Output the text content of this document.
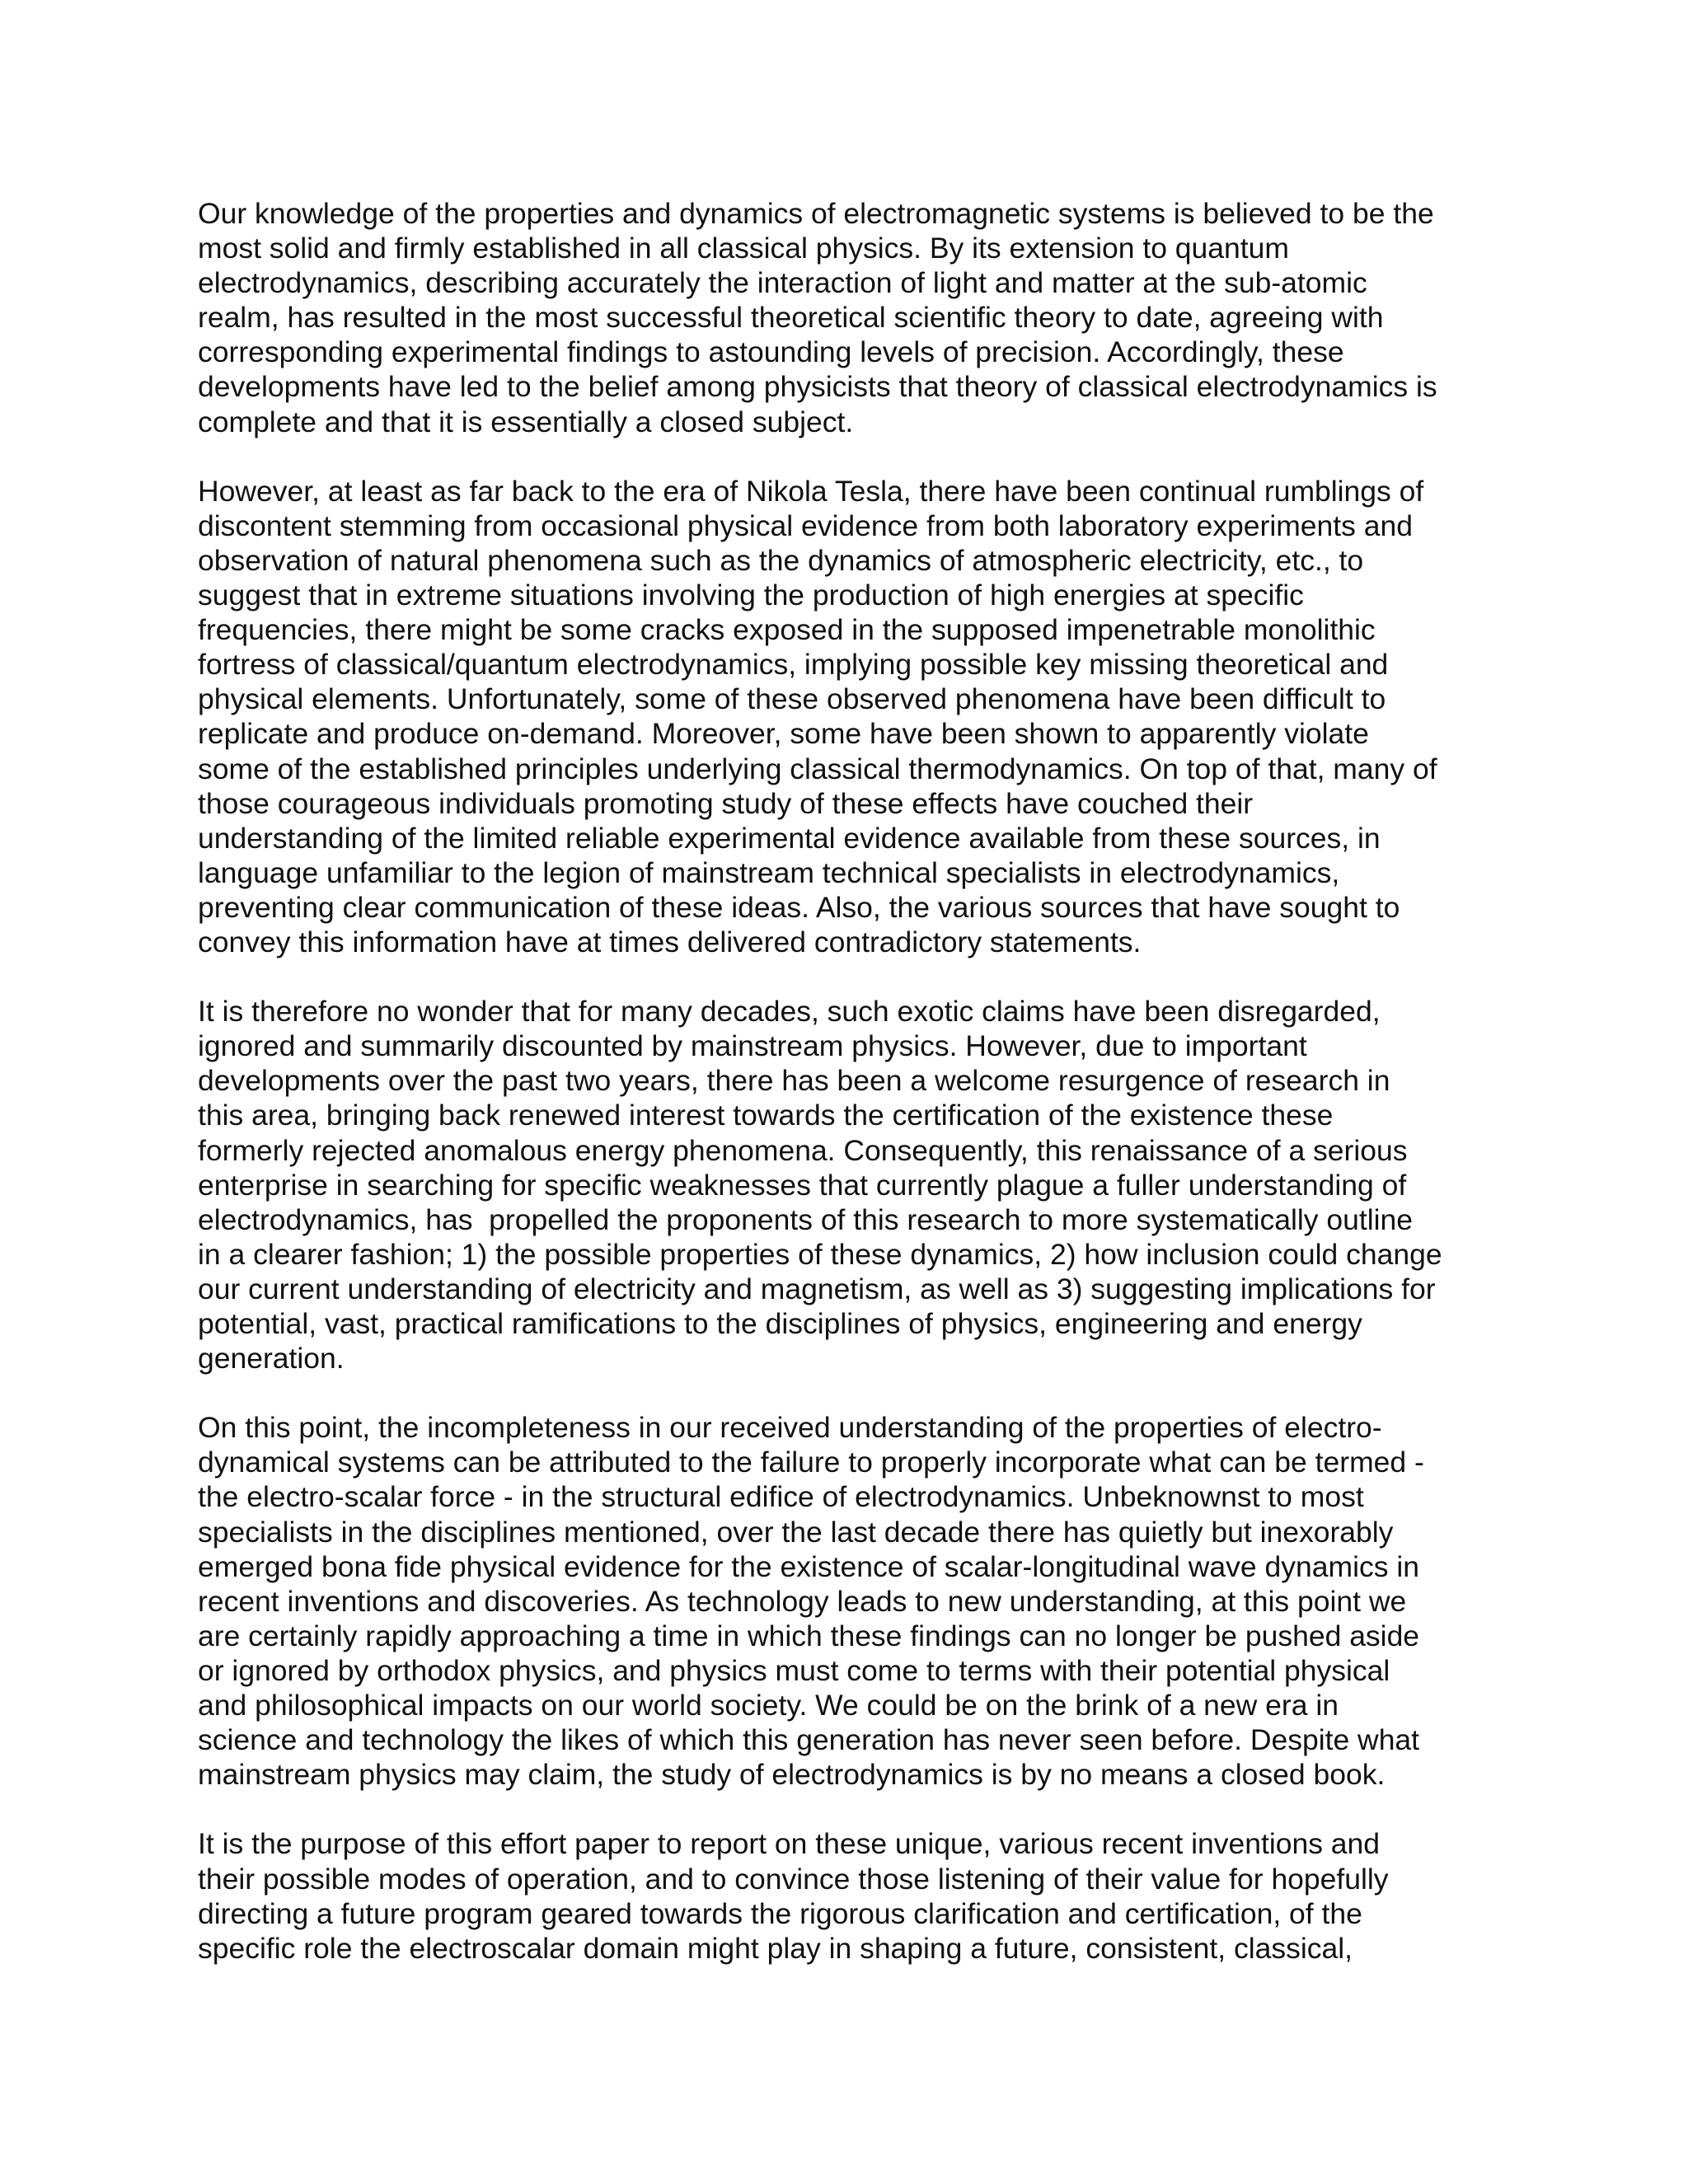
Our knowledge of the properties and dynamics of electromagnetic systems is believed to be the
most solid and firmly established in all classical physics. By its extension to quantum
electrodynamics, describing accurately the interaction of light and matter at the sub-atomic
realm, has resulted in the most successful theoretical scientific theory to date, agreeing with
corresponding experimental findings to astounding levels of precision. Accordingly, these
developments have led to the belief among physicists that theory of classical electrodynamics is
complete and that it is essentially a closed subject.

However, at least as far back to the era of Nikola Tesla, there have been continual rumblings of
discontent stemming from occasional physical evidence from both laboratory experiments and
observation of natural phenomena such as the dynamics of atmospheric electricity, etc., to
suggest that in extreme situations involving the production of high energies at specific
frequencies, there might be some cracks exposed in the supposed impenetrable monolithic
fortress of classical/quantum electrodynamics, implying possible key missing theoretical and
physical elements. Unfortunately, some of these observed phenomena have been difficult to
replicate and produce on-demand. Moreover, some have been shown to apparently violate
some of the established principles underlying classical thermodynamics. On top of that, many of
those courageous individuals promoting study of these effects have couched their
understanding of the limited reliable experimental evidence available from these sources, in
language unfamiliar to the legion of mainstream technical specialists in electrodynamics,
preventing clear communication of these ideas. Also, the various sources that have sought to
convey this information have at times delivered contradictory statements.

It is therefore no wonder that for many decades, such exotic claims have been disregarded,
ignored and summarily discounted by mainstream physics. However, due to important
developments over the past two years, there has been a welcome resurgence of research in
this area, bringing back renewed interest towards the certification of the existence these
formerly rejected anomalous energy phenomena. Consequently, this renaissance of a serious
enterprise in searching for specific weaknesses that currently plague a fuller understanding of
electrodynamics, has  propelled the proponents of this research to more systematically outline
in a clearer fashion; 1) the possible properties of these dynamics, 2) how inclusion could change
our current understanding of electricity and magnetism, as well as 3) suggesting implications for
potential, vast, practical ramifications to the disciplines of physics, engineering and energy
generation.

On this point, the incompleteness in our received understanding of the properties of electro-
dynamical systems can be attributed to the failure to properly incorporate what can be termed -
the electro-scalar force - in the structural edifice of electrodynamics. Unbeknownst to most
specialists in the disciplines mentioned, over the last decade there has quietly but inexorably
emerged bona fide physical evidence for the existence of scalar-longitudinal wave dynamics in
recent inventions and discoveries. As technology leads to new understanding, at this point we
are certainly rapidly approaching a time in which these findings can no longer be pushed aside
or ignored by orthodox physics, and physics must come to terms with their potential physical
and philosophical impacts on our world society. We could be on the brink of a new era in
science and technology the likes of which this generation has never seen before. Despite what
mainstream physics may claim, the study of electrodynamics is by no means a closed book.

It is the purpose of this effort paper to report on these unique, various recent inventions and
their possible modes of operation, and to convince those listening of their value for hopefully
directing a future program geared towards the rigorous clarification and certification, of the
specific role the electroscalar domain might play in shaping a future, consistent, classical,
